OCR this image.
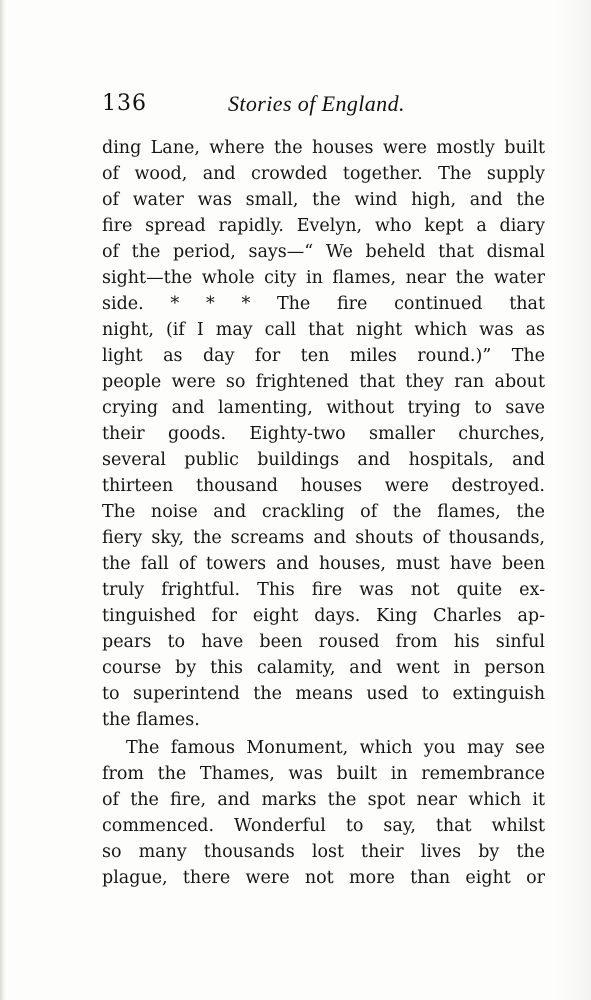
136	Stories of England.
ding Lane, where the houses were mostly built
of wood, and crowded together. The supply
of water was small, the wind high, and the
fire spread rapidly. Evelyn, who kept a diary
of the period, says—“ We beheld that dismal
sight—the whole city in flames, near the water
side. * * * The fire continued that
night, (if I may call that night which was as
light as day for ten miles round.)” The
people were so frightened that they ran about
crying and lamenting, without trying to save
their goods. Eighty-two smaller churches,
several public buildings and hospitals, and
thirteen thousand houses were destroyed.
The noise and crackling of the flames, the
fiery sky, the screams and shouts of thousands,
the fall of towers and houses, must have been
truly frightful. This fire was not quite ex-
tinguished for eight days. King Charles ap-
pears to have been roused from his sinful
course by this calamity, and went in person
to superintend the means used to extinguish
the flames.
The famous Monument, which you may see
from the Thames, was built in remembrance
of the fire, and marks the spot near which it
commenced. Wonderful to say, that whilst
so many thousands lost their lives by the
plague, there were not more than eight or
